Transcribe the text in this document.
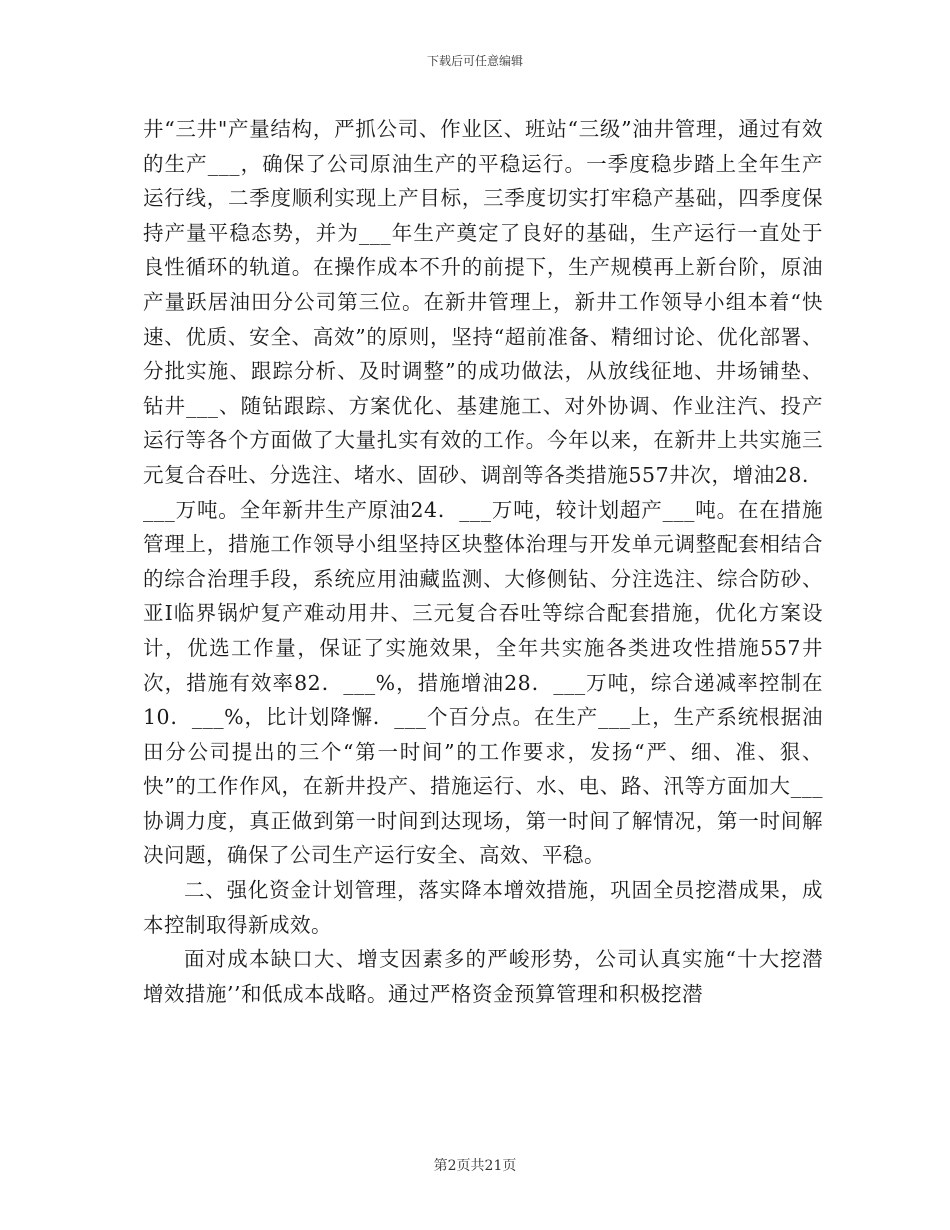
下载后可任意编辑

井“三井"产量结构，严抓公司、作业区、班站“三级”油井管理，通过有效的生产___，确保了公司原油生产的平稳运行。一季度稳步踏上全年生产运行线，二季度顺利实现上产目标，三季度切实打牢稳产基础，四季度保持产量平稳态势，并为___年生产奠定了良好的基础，生产运行一直处于良性循环的轨道。在操作成本不升的前提下，生产规模再上新台阶，原油产量跃居油田分公司第三位。在新井管理上，新井工作领导小组本着“快速、优质、安全、高效”的原则，坚持“超前准备、精细讨论、优化部署、分批实施、跟踪分析、及时调整”的成功做法，从放线征地、井场铺垫、钻井___、随钻跟踪、方案优化、基建施工、对外协调、作业注汽、投产运行等各个方面做了大量扎实有效的工作。今年以来，在新井上共实施三元复合吞吐、分选注、堵水、固砂、调剖等各类措施557井次，增油28．___万吨。全年新井生产原油24．___万吨，较计划超产___吨。在在措施管理上，措施工作领导小组坚持区块整体治理与开发单元调整配套相结合的综合治理手段，系统应用油藏监测、大修侧钻、分注选注、综合防砂、亚Ⅰ临界锅炉复产难动用井、三元复合吞吐等综合配套措施，优化方案设计，优选工作量，保证了实施效果，全年共实施各类进攻性措施557井次，措施有效率82．___%，措施增油28．___万吨，综合递减率控制在10．___%，比计划降懈．___个百分点。在生产___上，生产系统根据油田分公司提出的三个“第一时间”的工作要求，发扬“严、细、准、狠、快”的工作作风，在新井投产、措施运行、水、电、路、汛等方面加大___协调力度，真正做到第一时间到达现场，第一时间了解情况，第一时间解决问题，确保了公司生产运行安全、高效、平稳。

二、强化资金计划管理，落实降本增效措施，巩固全员挖潜成果，成本控制取得新成效。

面对成本缺口大、增支因素多的严峻形势，公司认真实施“十大挖潜增效措施’’和低成本战略。通过严格资金预算管理和积极挖潜

第2页共21页
